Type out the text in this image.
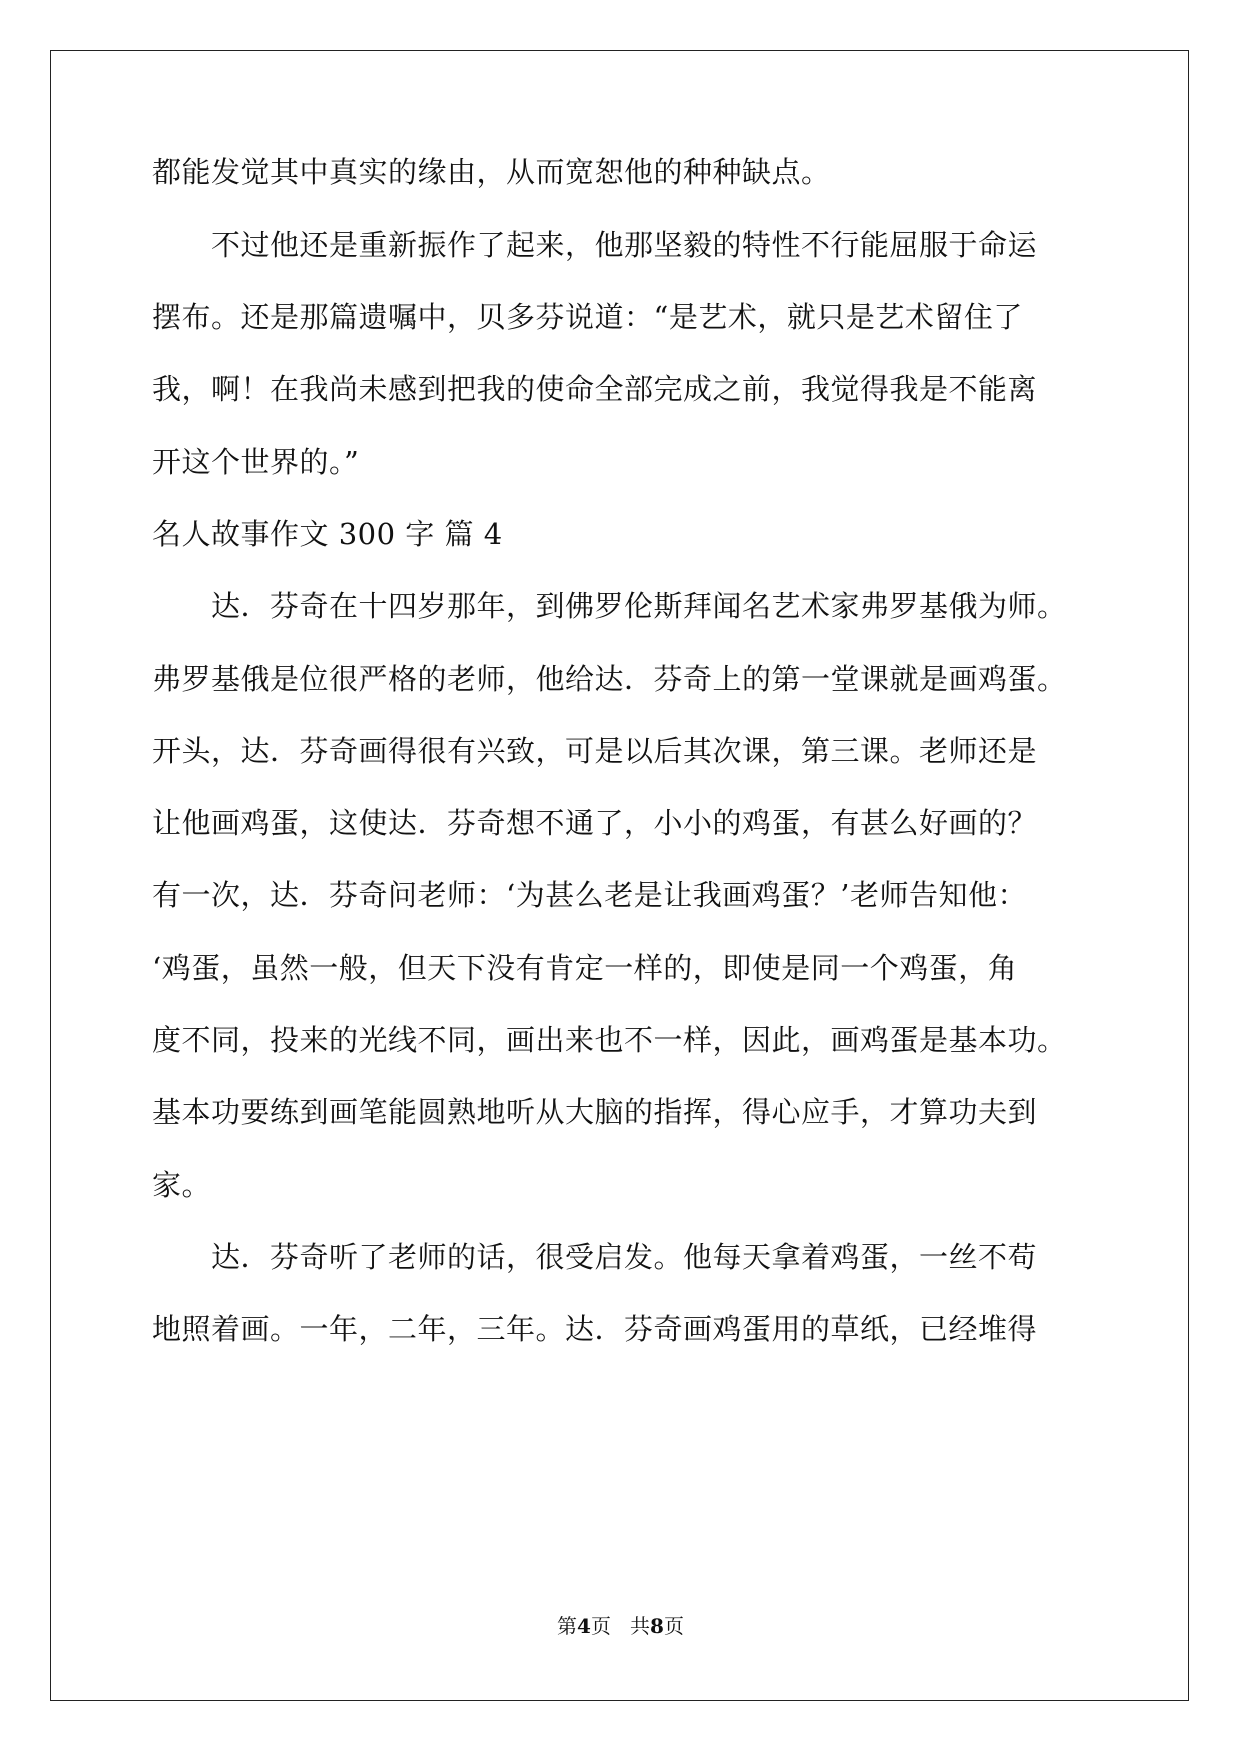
都能发觉其中真实的缘由，从而宽恕他的种种缺点。
　　不过他还是重新振作了起来，他那坚毅的特性不行能屈服于命运
摆布。还是那篇遗嘱中，贝多芬说道：“是艺术，就只是艺术留住了
我，啊！在我尚未感到把我的使命全部完成之前，我觉得我是不能离
开这个世界的。”
名人故事作文 300 字 篇 4
　　达．芬奇在十四岁那年，到佛罗伦斯拜闻名艺术家弗罗基俄为师。
弗罗基俄是位很严格的老师，他给达．芬奇上的第一堂课就是画鸡蛋。
开头，达．芬奇画得很有兴致，可是以后其次课，第三课。老师还是
让他画鸡蛋，这使达．芬奇想不通了，小小的鸡蛋，有甚么好画的？
有一次，达．芬奇问老师：‘为甚么老是让我画鸡蛋？’老师告知他：
‘鸡蛋，虽然一般，但天下没有肯定一样的，即使是同一个鸡蛋，角
度不同，投来的光线不同，画出来也不一样，因此，画鸡蛋是基本功。
基本功要练到画笔能圆熟地听从大脑的指挥，得心应手，才算功夫到
家。
　　达．芬奇听了老师的话，很受启发。他每天拿着鸡蛋，一丝不苟
地照着画。一年，二年，三年。达．芬奇画鸡蛋用的草纸，已经堆得
第4页 共8页
